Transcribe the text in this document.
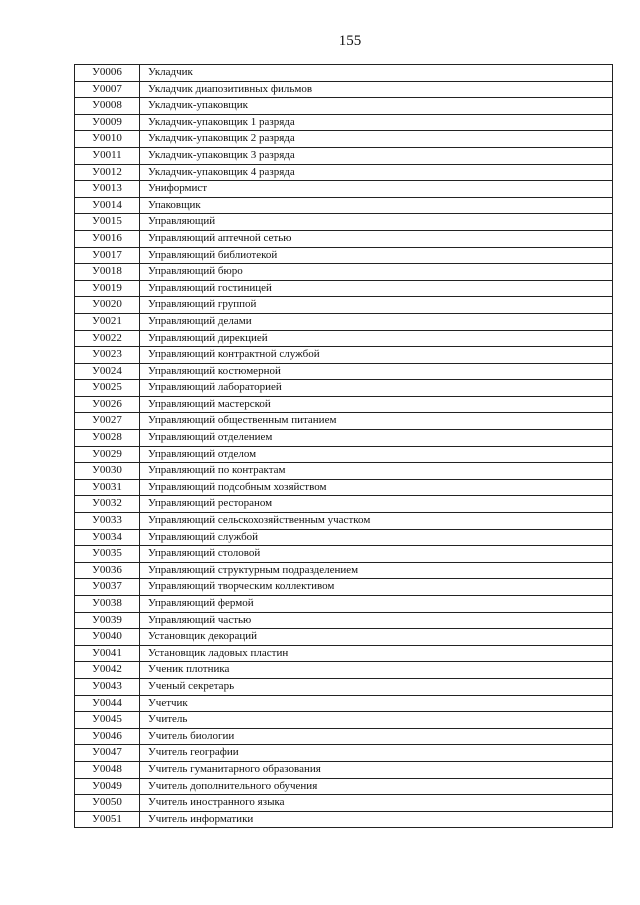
155
У0006	Укладчик
У0007	Укладчик диапозитивных фильмов
У0008	Укладчик-упаковщик
У0009	Укладчик-упаковщик 1 разряда
У0010	Укладчик-упаковщик 2 разряда
У0011	Укладчик-упаковщик 3 разряда
У0012	Укладчик-упаковщик 4 разряда
У0013	Униформист
У0014	Упаковщик
У0015	Управляющий
У0016	Управляющий аптечной сетью
У0017	Управляющий библиотекой
У0018	Управляющий бюро
У0019	Управляющий гостиницей
У0020	Управляющий группой
У0021	Управляющий делами
У0022	Управляющий дирекцией
У0023	Управляющий контрактной службой
У0024	Управляющий костюмерной
У0025	Управляющий лабораторией
У0026	Управляющий мастерской
У0027	Управляющий общественным питанием
У0028	Управляющий отделением
У0029	Управляющий отделом
У0030	Управляющий по контрактам
У0031	Управляющий подсобным хозяйством
У0032	Управляющий рестораном
У0033	Управляющий сельскохозяйственным участком
У0034	Управляющий службой
У0035	Управляющий столовой
У0036	Управляющий структурным подразделением
У0037	Управляющий творческим коллективом
У0038	Управляющий фермой
У0039	Управляющий частью
У0040	Установщик декораций
У0041	Установщик ладовых пластин
У0042	Ученик плотника
У0043	Ученый секретарь
У0044	Учетчик
У0045	Учитель
У0046	Учитель биологии
У0047	Учитель географии
У0048	Учитель гуманитарного образования
У0049	Учитель дополнительного обучения
У0050	Учитель иностранного языка
У0051	Учитель информатики
